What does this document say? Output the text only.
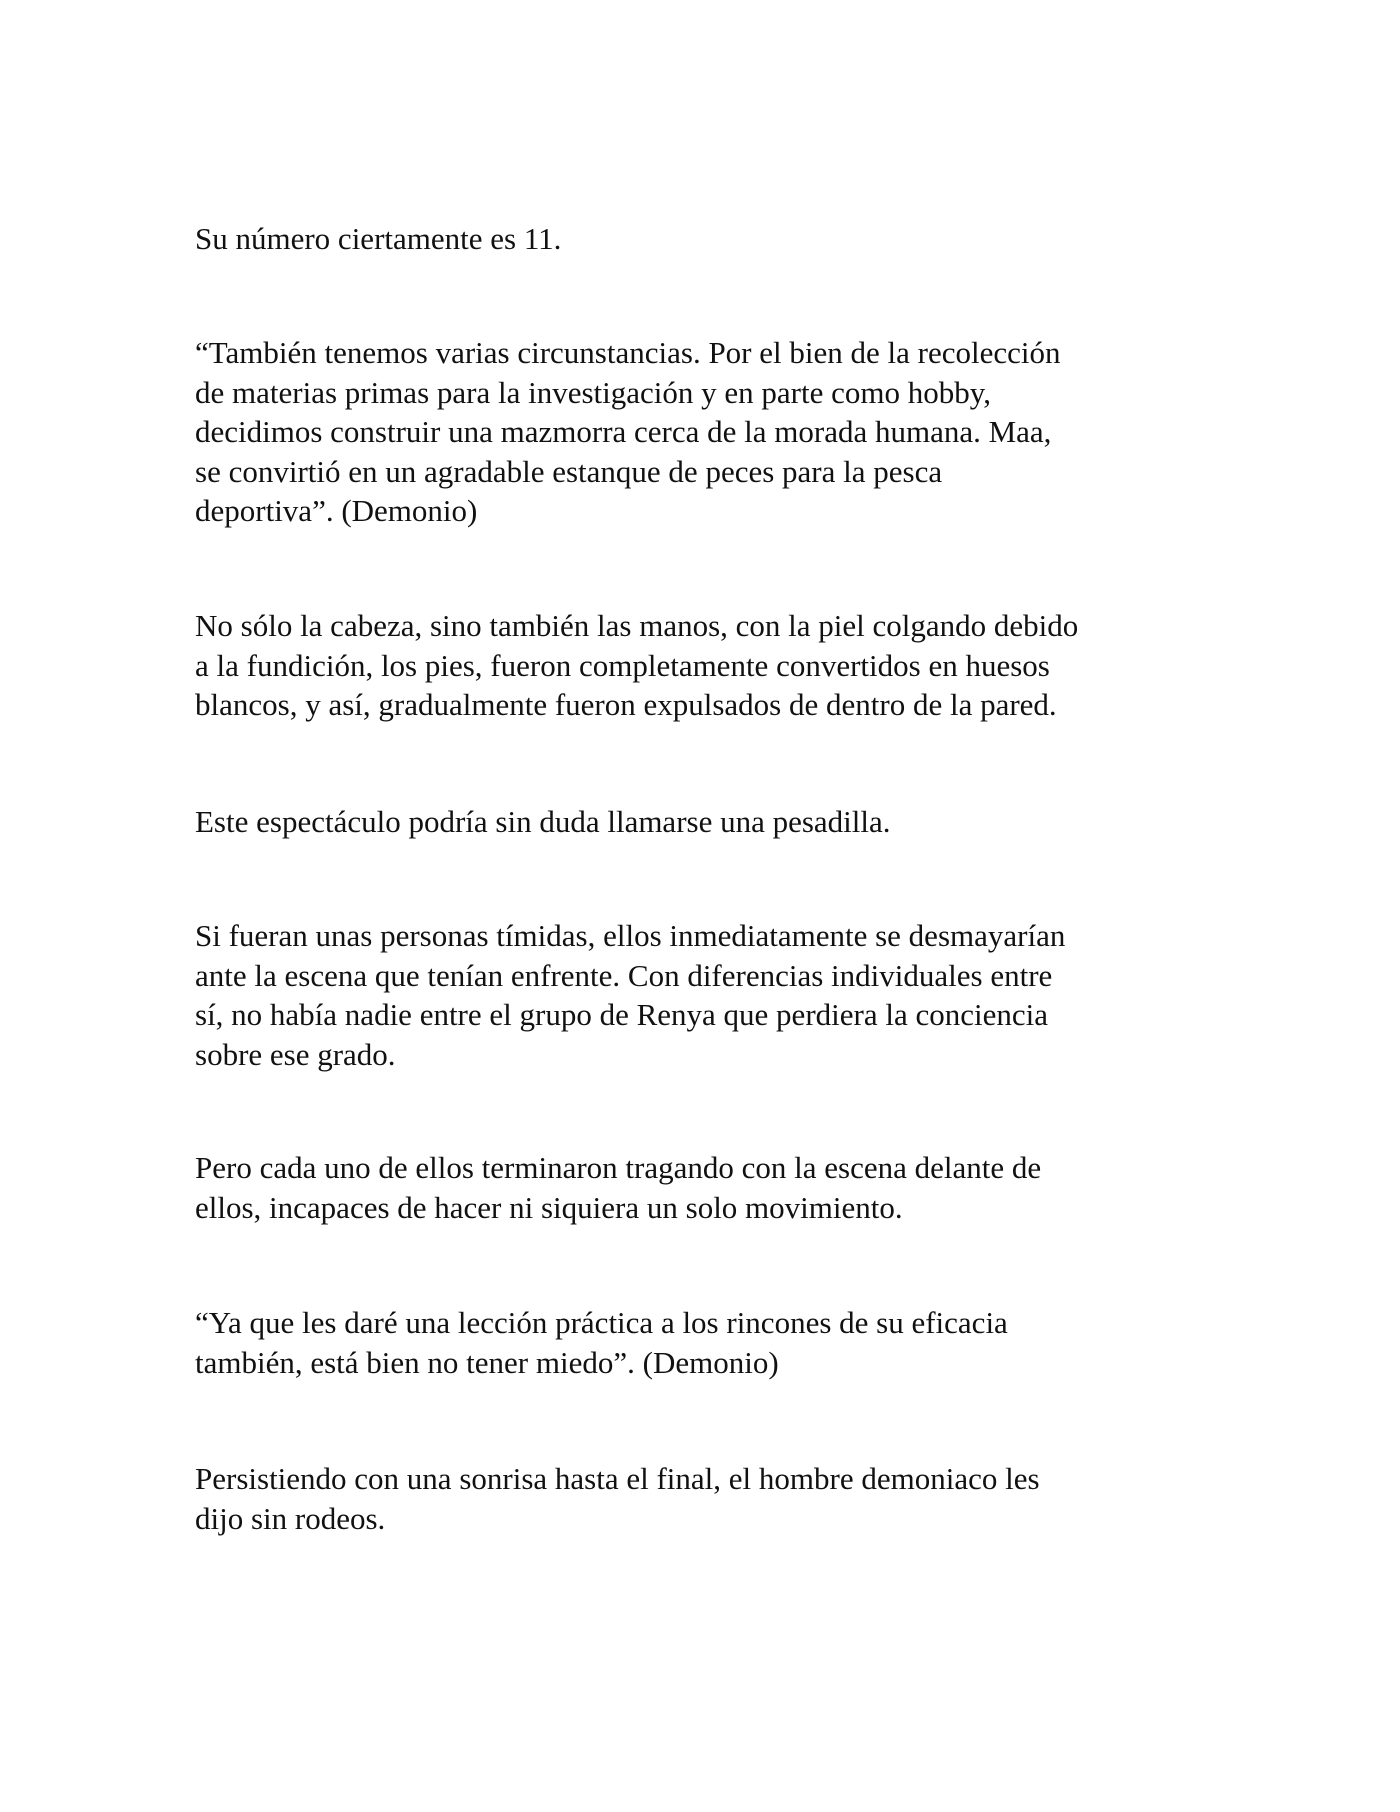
Su número ciertamente es 11.

“También tenemos varias circunstancias. Por el bien de la recolección
de materias primas para la investigación y en parte como hobby,
decidimos construir una mazmorra cerca de la morada humana. Maa,
se convirtió en un agradable estanque de peces para la pesca
deportiva”. (Demonio)

No sólo la cabeza, sino también las manos, con la piel colgando debido
a la fundición, los pies, fueron completamente convertidos en huesos
blancos, y así, gradualmente fueron expulsados de dentro de la pared.

Este espectáculo podría sin duda llamarse una pesadilla.

Si fueran unas personas tímidas, ellos inmediatamente se desmayarían
ante la escena que tenían enfrente. Con diferencias individuales entre
sí, no había nadie entre el grupo de Renya que perdiera la conciencia
sobre ese grado.

Pero cada uno de ellos terminaron tragando con la escena delante de
ellos, incapaces de hacer ni siquiera un solo movimiento.

“Ya que les daré una lección práctica a los rincones de su eficacia
también, está bien no tener miedo”. (Demonio)

Persistiendo con una sonrisa hasta el final, el hombre demoniaco les
dijo sin rodeos.
